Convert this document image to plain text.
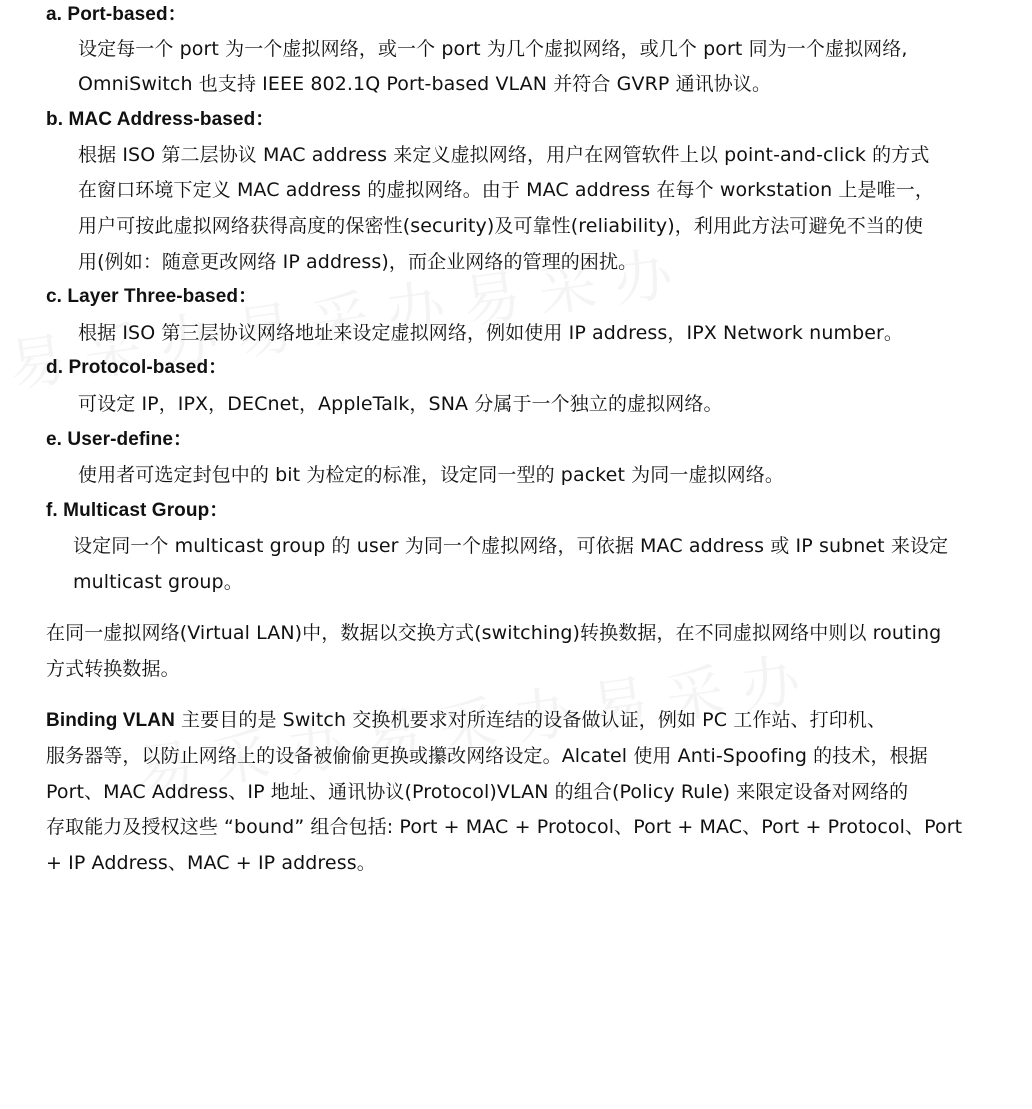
a. Port-based：
设定每一个 port 为一个虚拟网络，或一个 port 为几个虚拟网络，或几个 port 同为一个虚拟网络,
OmniSwitch 也支持 IEEE 802.1Q Port-based VLAN 并符合 GVRP 通讯协议。
b. MAC Address-based：
根据 ISO 第二层协议 MAC address 来定义虚拟网络，用户在网管软件上以 point-and-click 的方式
在窗口环境下定义 MAC address 的虚拟网络。由于 MAC address 在每个 workstation 上是唯一，
用户可按此虚拟网络获得高度的保密性(security)及可靠性(reliability)，利用此方法可避免不当的使
用(例如：随意更改网络 IP address)，而企业网络的管理的困扰。
c. Layer Three-based：
根据 ISO 第三层协议网络地址来设定虚拟网络，例如使用 IP address，IPX Network number。
d. Protocol-based：
可设定 IP，IPX，DECnet，AppleTalk，SNA 分属于一个独立的虚拟网络。
e. User-define：
使用者可选定封包中的 bit 为检定的标准，设定同一型的 packet 为同一虚拟网络。
f. Multicast Group：
设定同一个 multicast group 的 user 为同一个虚拟网络，可依据 MAC address 或 IP subnet 来设定
multicast group。
在同一虚拟网络(Virtual LAN)中，数据以交换方式(switching)转换数据，在不同虚拟网络中则以 routing
方式转换数据。
Binding VLAN 主要目的是 Switch 交换机要求对所连结的设备做认证，例如 PC 工作站、打印机、
服务器等，以防止网络上的设备被偷偷更换或攥改网络设定。Alcatel 使用 Anti-Spoofing 的技术，根据
Port、MAC Address、IP 地址、通讯协议(Protocol)VLAN 的组合(Policy Rule) 来限定设备对网络的
存取能力及授权这些 “bound” 组合包括: Port + MAC + Protocol、Port + MAC、Port + Protocol、Port
+ IP Address、MAC + IP address。
